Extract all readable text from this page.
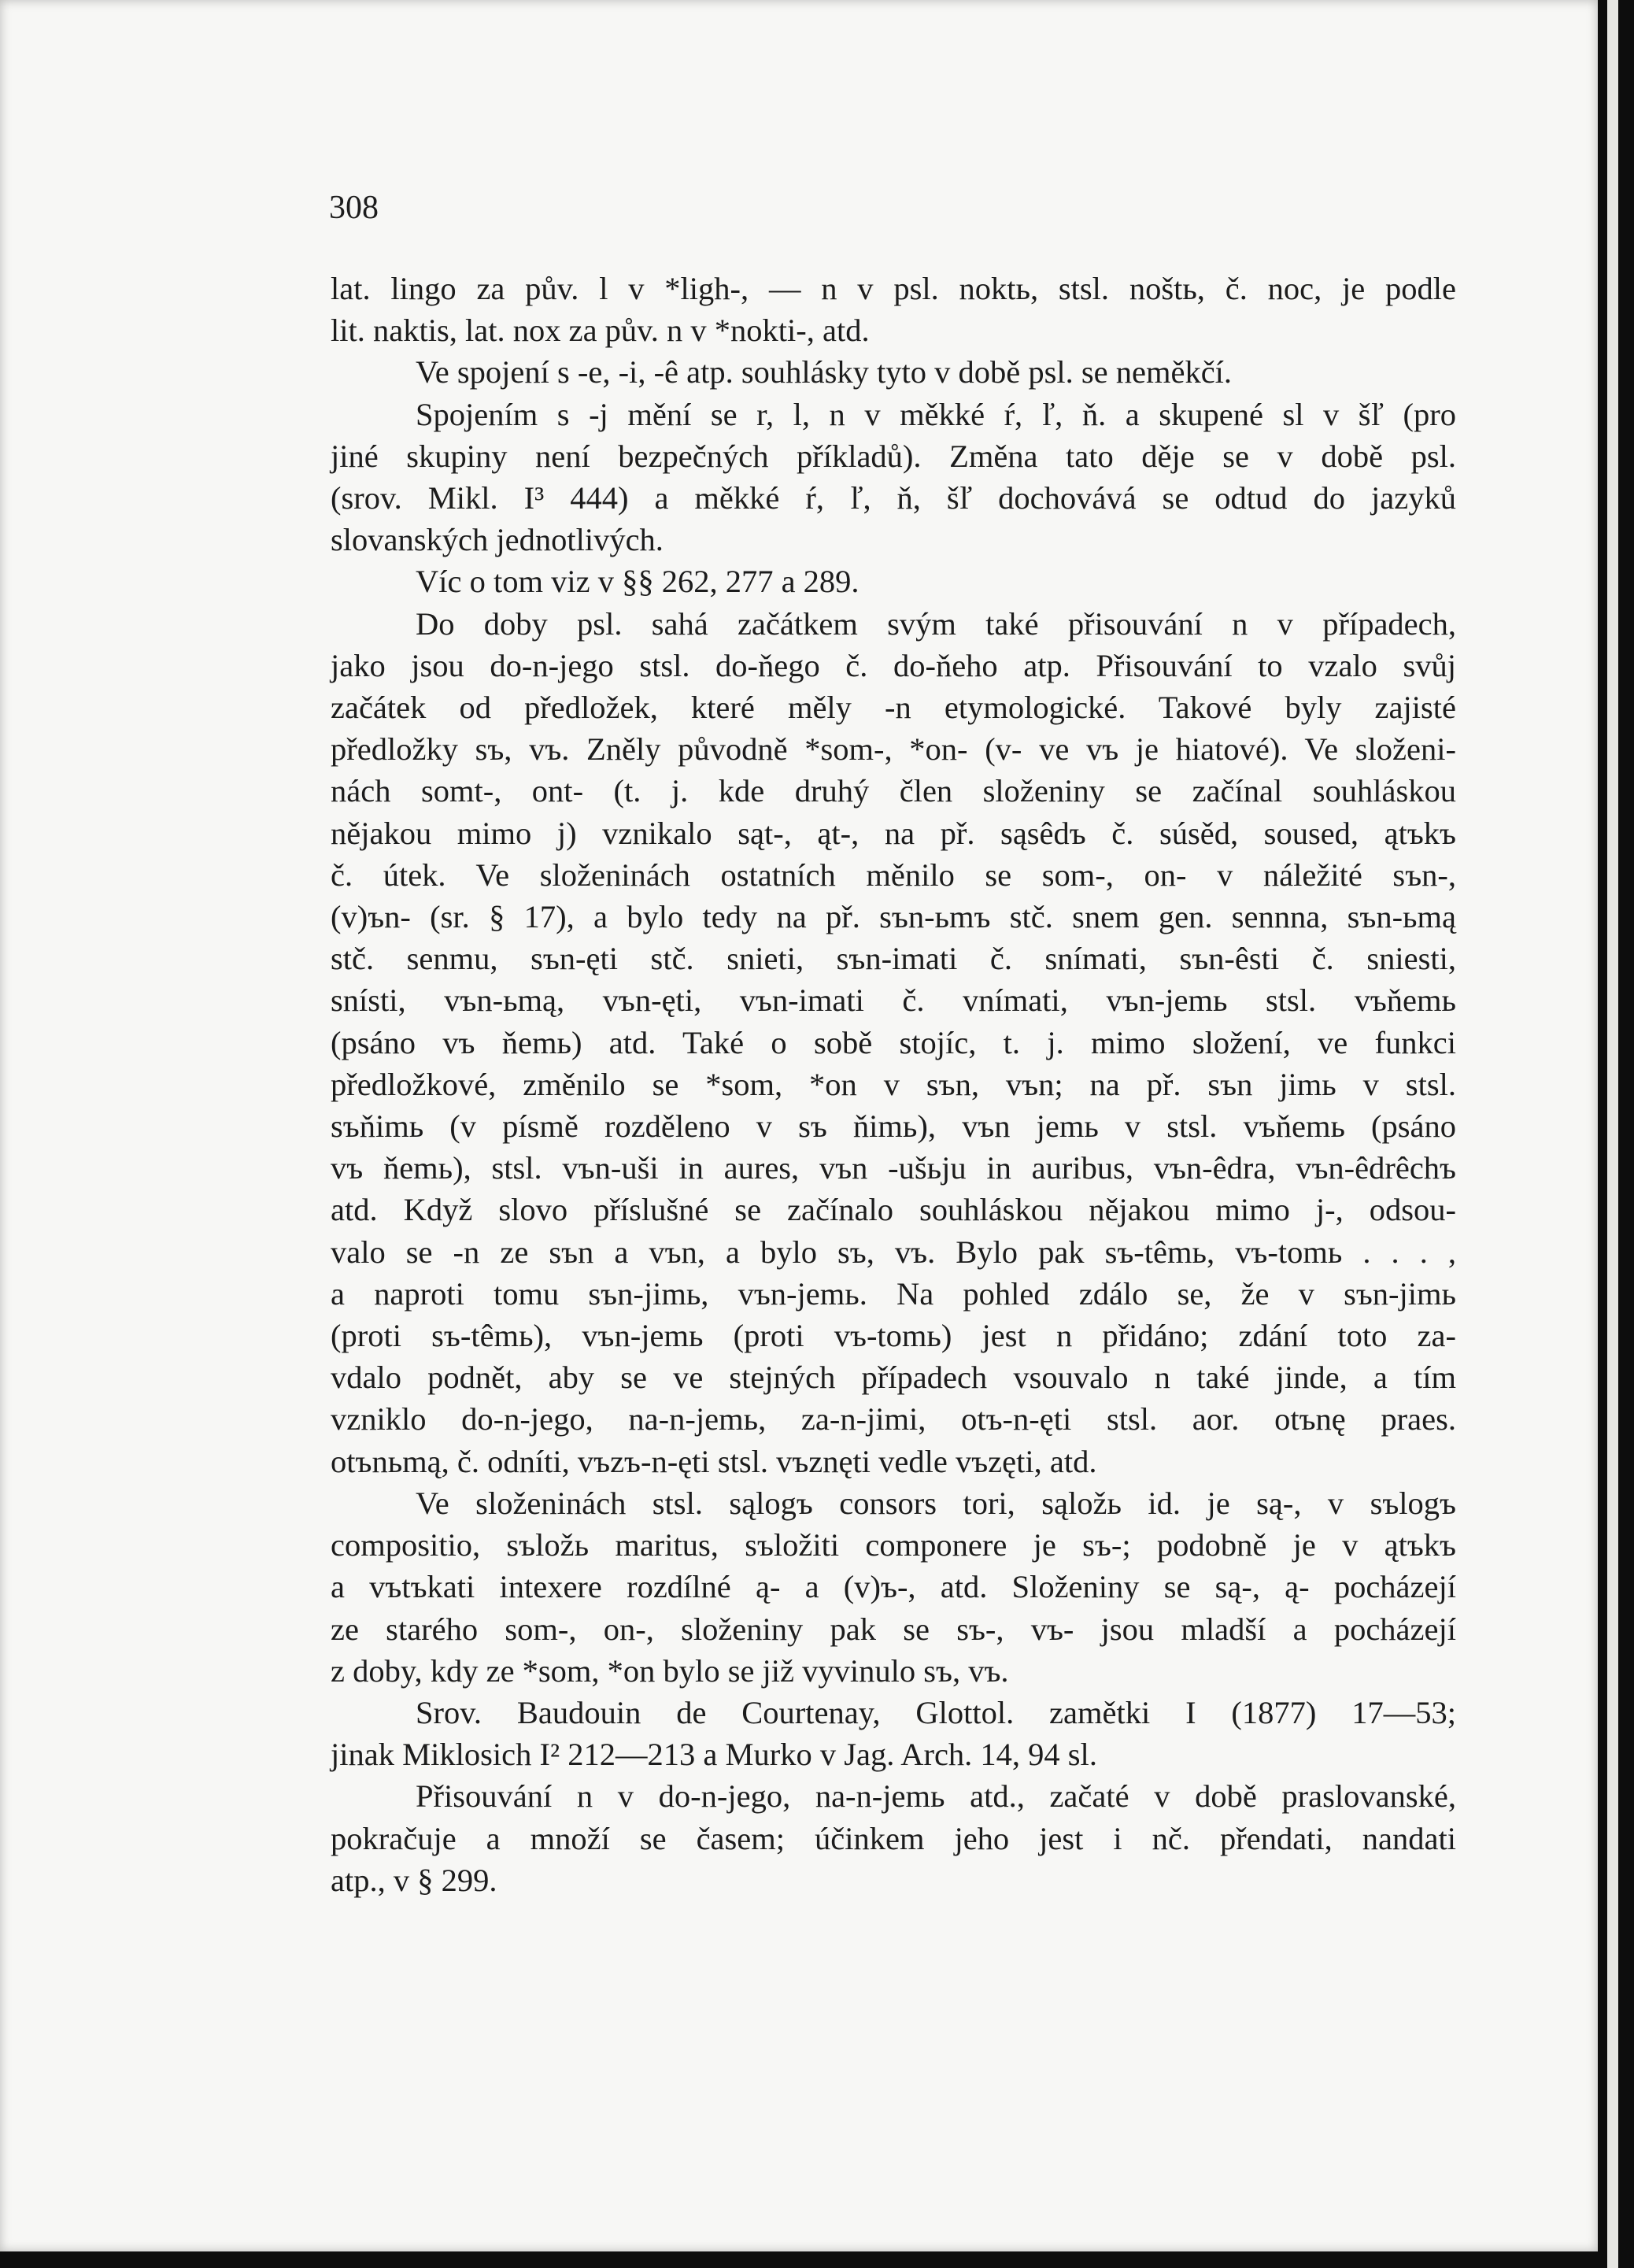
308
lat. lingo za pův. l v *ligh-, — n v psl. noktь, stsl. noštь, č. noc, je podle
lit. naktis, lat. nox za pův. n v *nokti-, atd.
Ve spojení s -e, -i, -ê atp. souhlásky tyto v době psl. se neměkčí.
Spojením s -j mění se r, l, n v měkké ŕ, ľ, ň. a skupené sl v šľ (pro
jiné skupiny není bezpečných příkladů). Změna tato děje se v době psl.
(srov. Mikl. I³ 444) a měkké ŕ, ľ, ň, šľ dochovává se odtud do jazyků
slovanských jednotlivých.
Víc o tom viz v §§ 262, 277 a 289.
Do doby psl. sahá začátkem svým také přisouvání n v případech,
jako jsou do-n-jego stsl. do-ňego č. do-ňeho atp. Přisouvání to vzalo svůj
začátek od předložek, které měly -n etymologické. Takové byly zajisté
předložky sъ, vъ. Zněly původně *som-, *on- (v- ve vъ je hiatové). Ve složeni-
nách somt-, ont- (t. j. kde druhý člen složeniny se začínal souhláskou
nějakou mimo j) vznikalo sąt-, ąt-, na př. sąsêdъ č. súsěd, soused, ątъkъ
č. útek. Ve složeninách ostatních měnilo se som-, on- v náležité sъn-,
(v)ъn- (sr. § 17), a bylo tedy na př. sъn-ьmъ stč. snem gen. sennna, sъn-ьmą
stč. senmu, sъn-ęti stč. snieti, sъn-imati č. snímati, sъn-êsti č. sniesti,
snísti, vъn-ьmą, vъn-ęti, vъn-imati č. vnímati, vъn-jemь stsl. vъňemь
(psáno vъ ňemь) atd. Také o sobě stojíc, t. j. mimo složení, ve funkci
předložkové, změnilo se *som, *on v sъn, vъn; na př. sъn jimь v stsl.
sъňimь (v písmě rozděleno v sъ ňimь), vъn jemь v stsl. vъňemь (psáno
vъ ňemь), stsl. vъn-uši in aures, vъn -ušьju in auribus, vъn-êdra, vъn-êdrêchъ
atd. Když slovo příslušné se začínalo souhláskou nějakou mimo j-, odsou-
valo se -n ze sъn a vъn, a bylo sъ, vъ. Bylo pak sъ-têmь, vъ-tomь . . . ,
a naproti tomu sъn-jimь, vъn-jemь. Na pohled zdálo se, že v sъn-jimь
(proti sъ-têmь), vъn-jemь (proti vъ-tomь) jest n přidáno; zdání toto za-
vdalo podnět, aby se ve stejných případech vsouvalo n také jinde, a tím
vzniklo do-n-jego, na-n-jemь, za-n-jimi, otъ-n-ęti stsl. aor. otъnę praes.
otъnьmą, č. odníti, vъzъ-n-ęti stsl. vъznęti vedle vъzęti, atd.
Ve složeninách stsl. sąlogъ consors tori, sąložь id. je są-, v sъlogъ
compositio, sъložь maritus, sъložiti componere je sъ-; podobně je v ątъkъ
a vъtъkati intexere rozdílné ą- a (v)ъ-, atd. Složeniny se są-, ą- pocházejí
ze starého som-, on-, složeniny pak se sъ-, vъ- jsou mladší a pocházejí
z doby, kdy ze *som, *on bylo se již vyvinulo sъ, vъ.
Srov. Baudouin de Courtenay, Glottol. zamětki I (1877) 17—53;
jinak Miklosich I² 212—213 a Murko v Jag. Arch. 14, 94 sl.
Přisouvání n v do-n-jego, na-n-jemь atd., začaté v době praslovanské,
pokračuje a množí se časem; účinkem jeho jest i nč. přendati, nandati
atp., v § 299.
